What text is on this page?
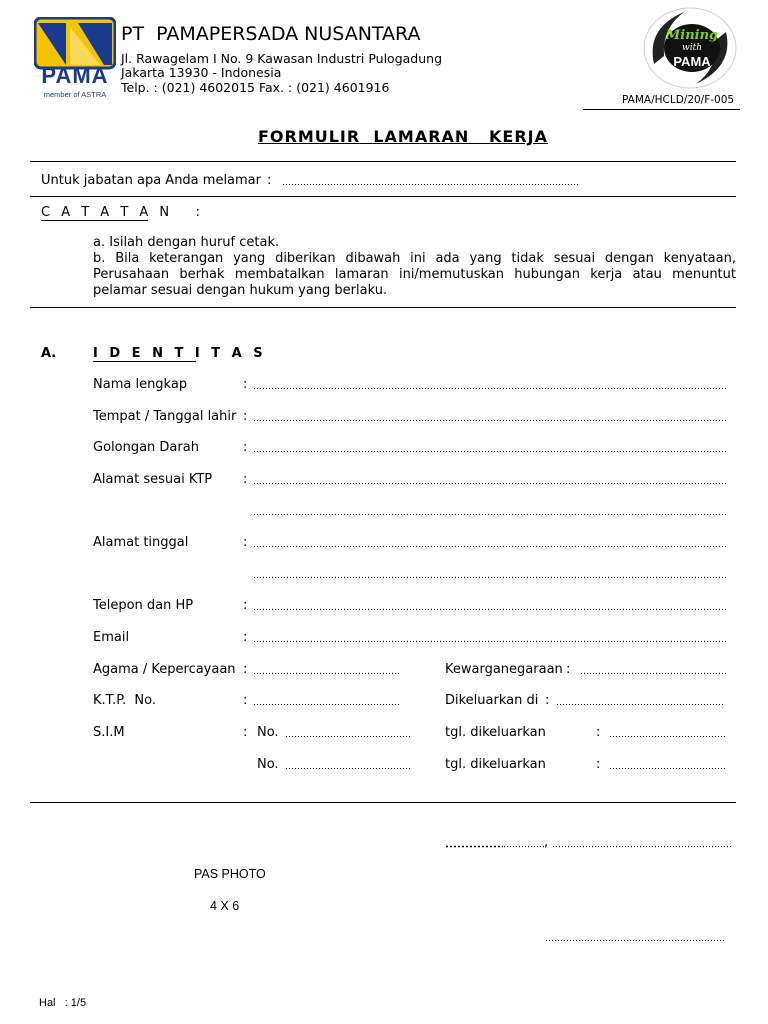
PAMA
member of ASTRA
PT  PAMAPERSADA NUSANTARA
Jl. Rawagelam I No. 9 Kawasan Industri Pulogadung
Jakarta 13930 - Indonesia
Telp. : (021) 4602015 Fax. : (021) 4601916
Mining
with
PAMA
PAMA/HCLD/20/F-005
FORMULIR  LAMARAN   KERJA
Untuk jabatan apa Anda melamar :
C A T A T A N   :
a. Isilah dengan huruf cetak.
b. Bila keterangan yang diberikan dibawah ini ada yang tidak sesuai dengan kenyataan, Perusahaan berhak membatalkan lamaran ini/memutuskan hubungan kerja atau menuntut pelamar sesuai dengan hukum yang berlaku.
A.	I D E N T I T A S
Nama lengkap	:
Tempat / Tanggal lahir :
Golongan Darah	:
Alamat sesuai KTP :
Alamat tinggal	:
Telepon dan HP	:
Email	:
Agama / Kepercayaan :	Kewarganegaraan :
K.T.P.  No.	:	Dikeluarkan di :
S.I.M	: No.	tgl. dikeluarkan	:
No.	tgl. dikeluarkan	:
PAS PHOTO
4 X 6
,
Hal   : 1/5
